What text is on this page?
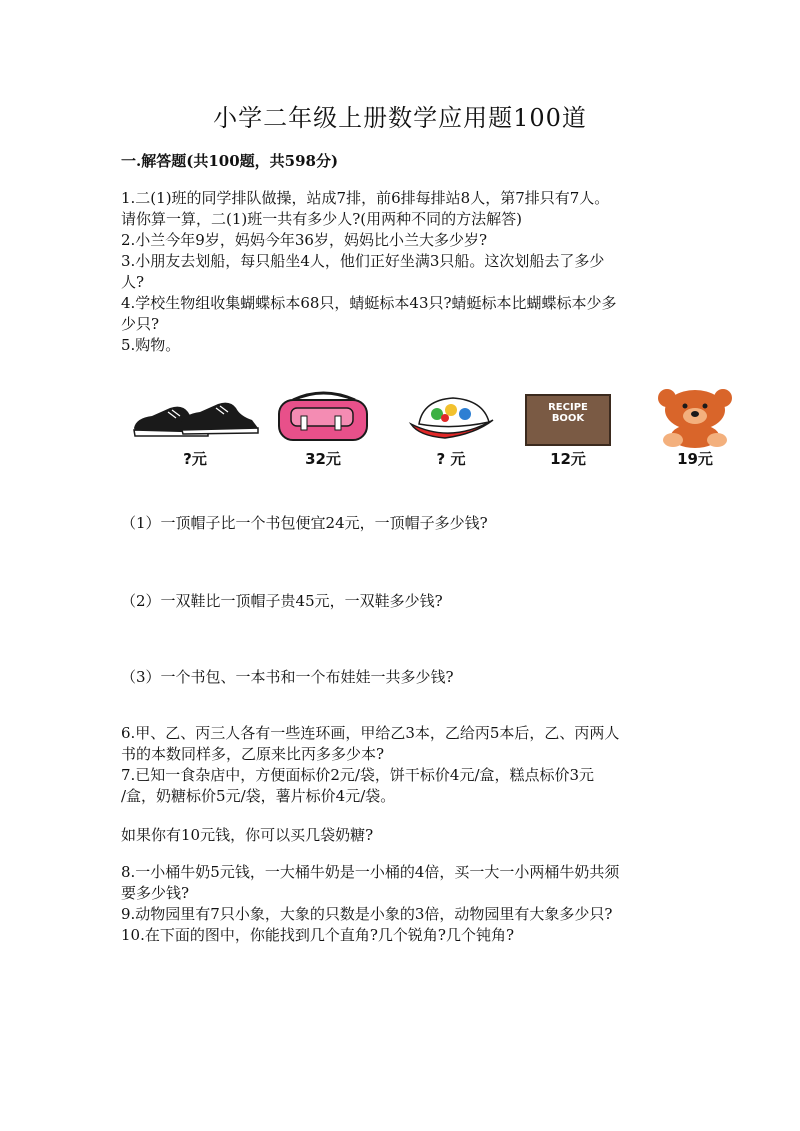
小学二年级上册数学应用题100道
一.解答题(共100题，共598分)
1.二(1)班的同学排队做操，站成7排，前6排每排站8人，第7排只有7人。
请你算一算，二(1)班一共有多少人?(用两种不同的方法解答)
2.小兰今年9岁，妈妈今年36岁，妈妈比小兰大多少岁?
3.小朋友去划船，每只船坐4人，他们正好坐满3只船。这次划船去了多少
人?
4.学校生物组收集蝴蝶标本68只，蜻蜓标本43只?蜻蜓标本比蝴蝶标本少多
少只?
5.购物。
RECIPE
BOOK
?元	32元	? 元	12元	19元
（1）一顶帽子比一个书包便宜24元，一顶帽子多少钱?
（2）一双鞋比一顶帽子贵45元，一双鞋多少钱?
（3）一个书包、一本书和一个布娃娃一共多少钱?
6.甲、乙、丙三人各有一些连环画，甲给乙3本，乙给丙5本后，乙、丙两人
书的本数同样多，乙原来比丙多多少本?
7.已知一食杂店中，方便面标价2元/袋，饼干标价4元/盒，糕点标价3元
/盒，奶糖标价5元/袋，薯片标价4元/袋。
如果你有10元钱，你可以买几袋奶糖?
8.一小桶牛奶5元钱，一大桶牛奶是一小桶的4倍，买一大一小两桶牛奶共须
要多少钱?
9.动物园里有7只小象，大象的只数是小象的3倍，动物园里有大象多少只?
10.在下面的图中，你能找到几个直角?几个锐角?几个钝角?
